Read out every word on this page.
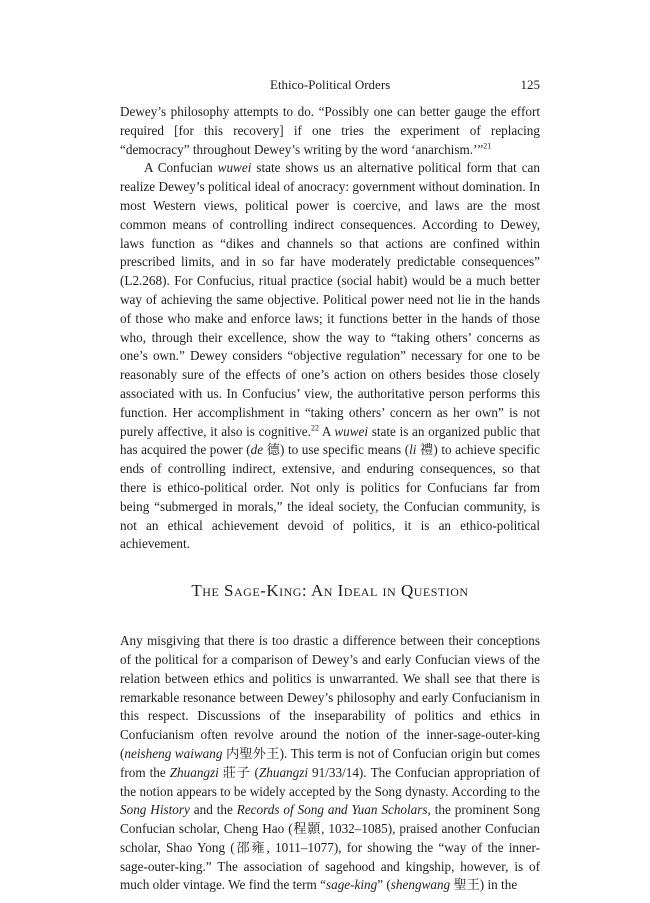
Ethico-Political Orders	125

Dewey’s philosophy attempts to do. “Possibly one can better gauge the effort required [for this recovery] if one tries the experiment of replacing “democracy” throughout Dewey’s writing by the word ‘anarchism.’”$^{21}$

A Confucian wuwei state shows us an alternative political form that can realize Dewey’s political ideal of anocracy: government without domination. In most Western views, political power is coercive, and laws are the most common means of controlling indirect consequences. According to Dewey, laws function as “dikes and channels so that actions are confined within prescribed limits, and in so far have moderately predictable consequences” (L2.268). For Confucius, ritual practice (social habit) would be a much better way of achieving the same objective. Political power need not lie in the hands of those who make and enforce laws; it functions better in the hands of those who, through their excellence, show the way to “taking others’ concerns as one’s own.” Dewey considers “objective regulation” necessary for one to be reasonably sure of the effects of one’s action on others besides those closely associated with us. In Confucius’ view, the authoritative person performs this function. Her accomplishment in “taking others’ concern as her own” is not purely affective, it also is cognitive.$^{22}$ A wuwei state is an organized public that has acquired the power (de 德) to use specific means (li 禮) to achieve specific ends of controlling indirect, extensive, and enduring consequences, so that there is ethico-political order. Not only is politics for Confucians far from being “submerged in morals,” the ideal society, the Confucian community, is not an ethical achievement devoid of politics, it is an ethico-political achievement.

The Sage-King: An Ideal in Question

Any misgiving that there is too drastic a difference between their conceptions of the political for a comparison of Dewey’s and early Confucian views of the relation between ethics and politics is unwarranted. We shall see that there is remarkable resonance between Dewey’s philosophy and early Confucianism in this respect. Discussions of the inseparability of politics and ethics in Confucianism often revolve around the notion of the inner-sage-outer-king (neisheng waiwang 内聖外王). This term is not of Confucian origin but comes from the Zhuangzi 莊子 (Zhuangzi 91/33/14). The Confucian appropriation of the notion appears to be widely accepted by the Song dynasty. According to the Song History and the Records of Song and Yuan Scholars, the prominent Song Confucian scholar, Cheng Hao (程顥, 1032–1085), praised another Confucian scholar, Shao Yong (邵雍, 1011–1077), for showing the “way of the inner-sage-outer-king.” The association of sagehood and kingship, however, is of much older vintage. We find the term “sage-king” (shengwang 聖王) in the
